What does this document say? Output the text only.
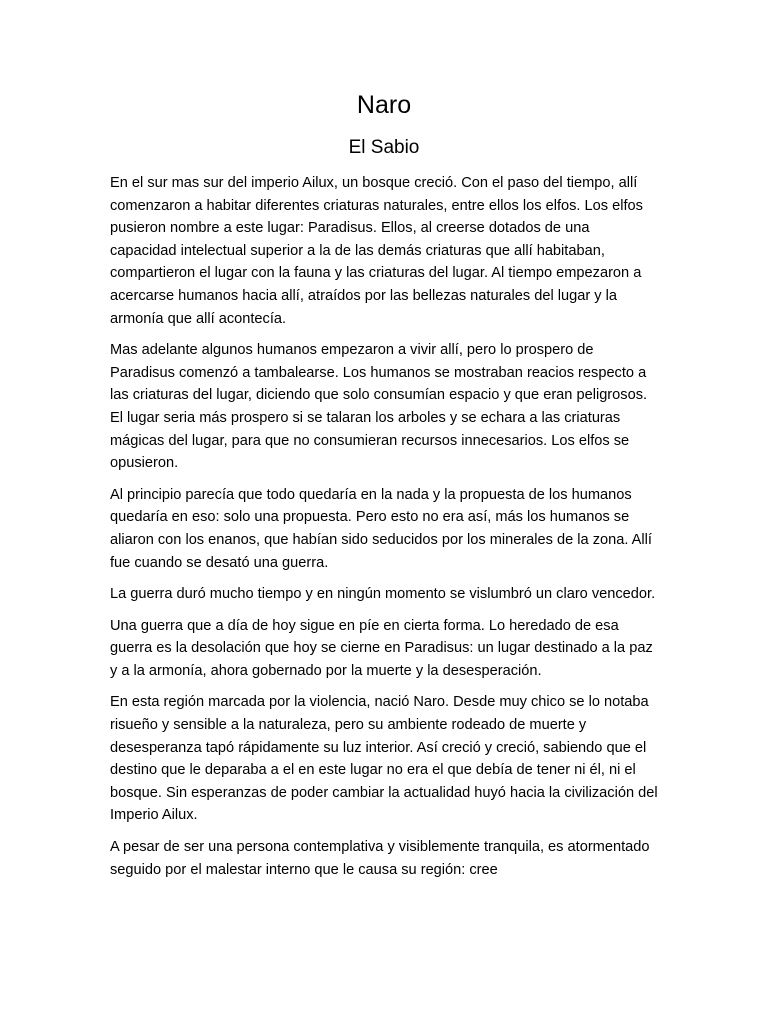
Naro
El Sabio

En el sur mas sur del imperio Ailux, un bosque creció. Con el paso del tiempo, allí comenzaron a habitar diferentes criaturas naturales, entre ellos los elfos. Los elfos pusieron nombre a este lugar: Paradisus. Ellos, al creerse dotados de una capacidad intelectual superior a la de las demás criaturas que allí habitaban, compartieron el lugar con la fauna y las criaturas del lugar. Al tiempo empezaron a acercarse humanos hacia allí, atraídos por las bellezas naturales del lugar y la armonía que allí acontecía.

Mas adelante algunos humanos empezaron a vivir allí, pero lo prospero de Paradisus comenzó a tambalearse. Los humanos se mostraban reacios respecto a las criaturas del lugar, diciendo que solo consumían espacio y que eran peligrosos. El lugar seria más prospero si se talaran los arboles y se echara a las criaturas mágicas del lugar, para que no consumieran recursos innecesarios. Los elfos se opusieron.

Al principio parecía que todo quedaría en la nada y la propuesta de los humanos quedaría en eso: solo una propuesta. Pero esto no era así, más los humanos se aliaron con los enanos, que habían sido seducidos por los minerales de la zona. Allí fue cuando se desató una guerra.

La guerra duró mucho tiempo y en ningún momento se vislumbró un claro vencedor.

Una guerra que a día de hoy sigue en píe en cierta forma. Lo heredado de esa guerra es la desolación que hoy se cierne en Paradisus: un lugar destinado a la paz y a la armonía, ahora gobernado por la muerte y la desesperación.

En esta región marcada por la violencia, nació Naro. Desde muy chico se lo notaba risueño y sensible a la naturaleza, pero su ambiente rodeado de muerte y desesperanza tapó rápidamente su luz interior. Así creció y creció, sabiendo que el destino que le deparaba a el en este lugar no era el que debía de tener ni él, ni el bosque. Sin esperanzas de poder cambiar la actualidad huyó hacia la civilización del Imperio Ailux.

A pesar de ser una persona contemplativa y visiblemente tranquila, es atormentado seguido por el malestar interno que le causa su región: cree
